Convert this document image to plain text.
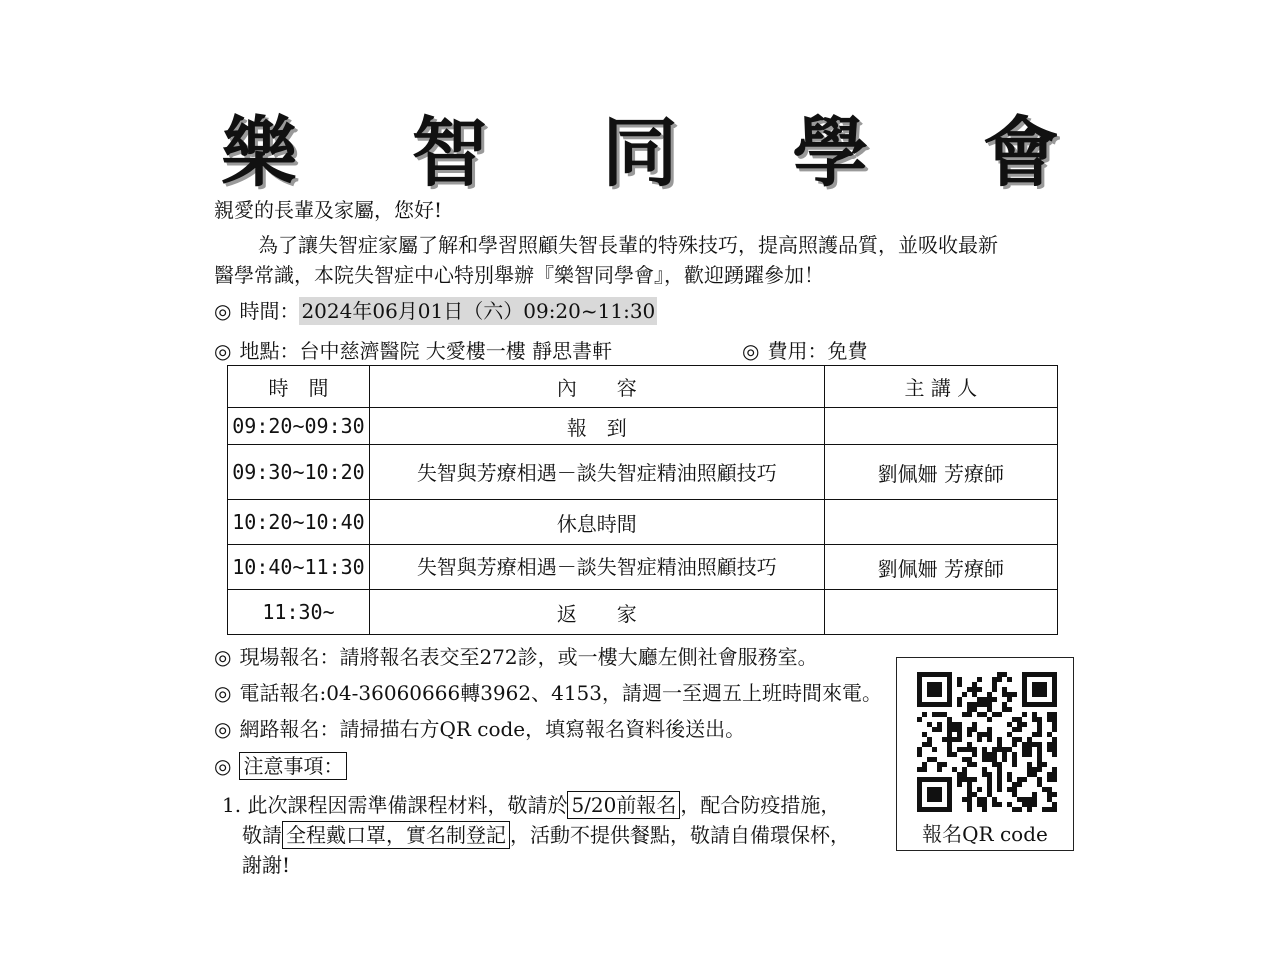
樂 智 同 學 會
親愛的長輩及家屬，您好!
為了讓失智症家屬了解和學習照顧失智長輩的特殊技巧，提高照護品質，並吸收最新
醫學常識，本院失智症中心特別舉辦『樂智同學會』，歡迎踴躍參加！
◎ 時間： 2024年06月01日（六）09:20~11:30
◎ 地點：台中慈濟醫院 大愛樓一樓 靜思書軒	◎ 費用：免費
時　間	內　　容	主 講 人
09:20~09:30	報　到	
09:30~10:20	失智與芳療相遇－談失智症精油照顧技巧	劉佩姍 芳療師
10:20~10:40	休息時間	
10:40~11:30	失智與芳療相遇－談失智症精油照顧技巧	劉佩姍 芳療師
11:30~	返　　家	
◎ 現場報名：請將報名表交至272診，或一樓大廳左側社會服務室。
◎ 電話報名:04-36060666轉3962、4153，請週一至週五上班時間來電。
◎ 網路報名：請掃描右方QR code，填寫報名資料後送出。
◎ 注意事項：
1. 此次課程因需準備課程材料，敬請於 5/20前報名 ，配合防疫措施，
敬請 全程戴口罩，實名制登記 ，活動不提供餐點，敬請自備環保杯，
謝謝!
報名QR code
